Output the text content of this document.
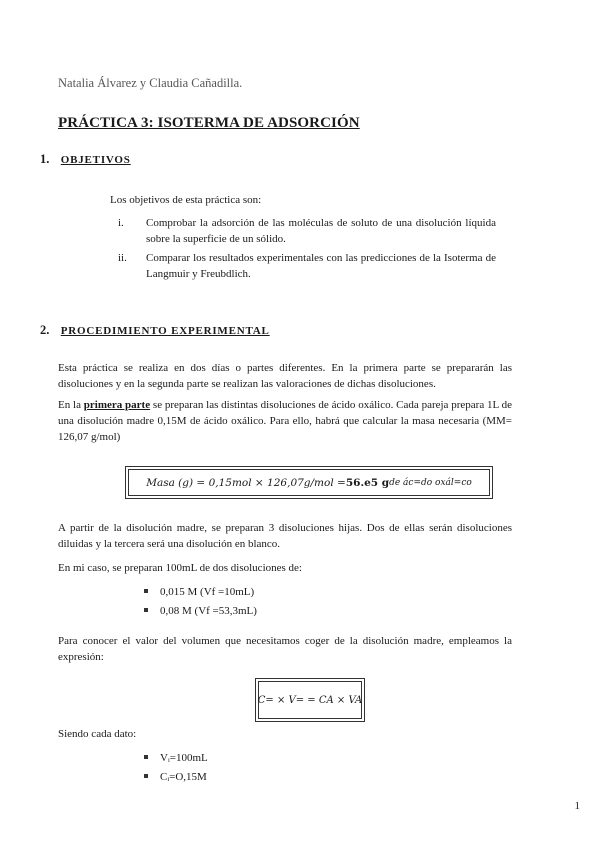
Natalia Álvarez y Claudia Cañadilla.
PRÁCTICA 3: ISOTERMA DE ADSORCIÓN
1. OBJETIVOS
Los objetivos de esta práctica son:
i.	Comprobar la adsorción de las moléculas de soluto de una disolución líquida sobre la superficie de un sólido.
ii.	Comparar los resultados experimentales con las predicciones de la Isoterma de Langmuir y Freubdlich.
2. PROCEDIMIENTO EXPERIMENTAL
Esta práctica se realiza en dos días o partes diferentes. En la primera parte se prepararán las disoluciones y en la segunda parte se realizan las valoraciones de dichas disoluciones.
En la primera parte se preparan las distintas disoluciones de ácido oxálico. Cada pareja prepara 1L de una disolución madre 0,15M de ácido oxálico. Para ello, habrá que calcular la masa necesaria (MM= 126,07 g/mol)
Masa (g) = 0,15mol × 126,07g/mol = 56.e5 g de ác=do oxál=co
A partir de la disolución madre, se preparan 3 disoluciones hijas. Dos de ellas serán disoluciones diluidas y la tercera será una disolución en blanco.
En mi caso, se preparan 100mL de dos disoluciones de:
0,015 M (Vf =10mL)
0,08 M (Vf =53,3mL)
Para conocer el valor del volumen que necesitamos coger de la disolución madre, empleamos la expresión:
C= × V= = CA × VA
Siendo cada dato:
Vᵢ=100mL
Cᵢ=O,15M
1
